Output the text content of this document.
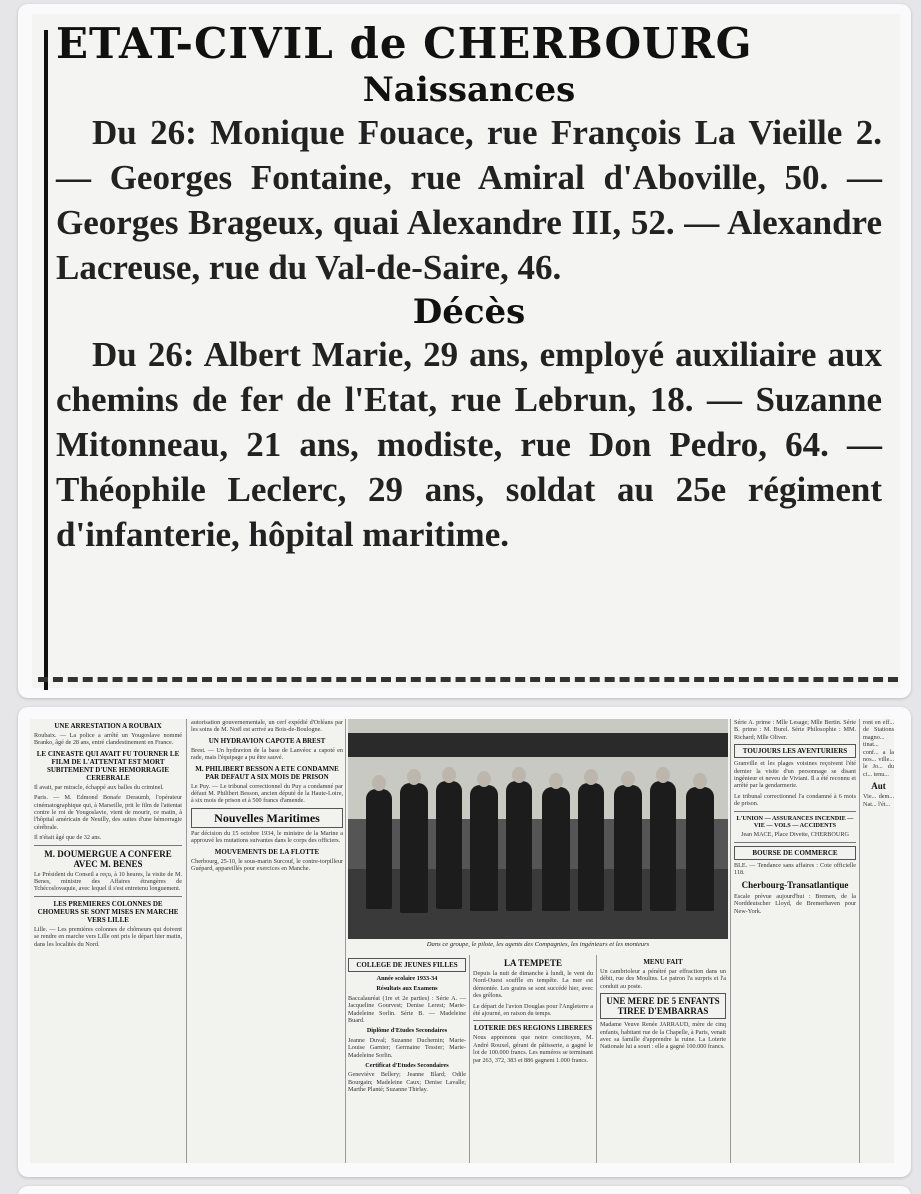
ETAT-CIVIL de CHERBOURG
Naissances
Du 26: Monique Fouace, rue François La Vieille 2. — Georges Fontaine, rue Amiral d'Aboville, 50. — Georges Brageux, quai Alexandre III, 52. — Alexandre Lacreuse, rue du Val-de-Saire, 46.
Décès
Du 26: Albert Marie, 29 ans, employé auxiliaire aux chemins de fer de l'Etat, rue Lebrun, 18. — Suzanne Mitonneau, 21 ans, modiste, rue Don Pedro, 64. — Théophile Leclerc, 29 ans, soldat au 25e régiment d'infanterie, hôpital maritime.
UNE ARRESTATION A ROUBAIX
Roubaix. — La police a arrêté un Yougoslave nommé Branko, âgé de 28 ans, entré clandestinement en France.
LE CINEASTE QUI AVAIT FU TOURNER LE FILM DE L'ATTENTAT EST MORT SUBITEMENT D'UNE HEMORRAGIE CEREBRALE
Il avait, par miracle, échappé aux balles du criminel.
Paris. — M. Edmond Bonafe Deraumb, l'opérateur cinématographique qui, à Marseille, prit le film de l'attentat contre le roi de Yougoslavie, vient de mourir, ce matin, à l'hôpital américain de Neuilly, des suites d'une hémorragie cérébrale.
Il n'était âgé que de 32 ans.
M. DOUMERGUE A CONFERE AVEC M. BENES
Le Président du Conseil a reçu, à 10 heures, la visite de M. Benes, ministre des Affaires étrangères de Tchécoslovaquie, avec lequel il s'est entretenu longuement.
LES PREMIERES COLONNES DE CHOMEURS SE SONT MISES EN MARCHE VERS LILLE
Lille. — Les premières colonnes de chômeurs qui doivent se rendre en marche vers Lille ont pris le départ hier matin, dans les localités du Nord.
autorisation gouvernementale, un cerf expédié d'Orléans par les soins de M. Noël est arrivé au Bois-de-Boulogne.
UN HYDRAVION CAPOTE A BREST
Brest. — Un hydravion de la base de Lanvéoc a capoté en rade, mais l'équipage a pu être sauvé.
M. PHILIBERT BESSON A ETE CONDAMNE PAR DEFAUT A SIX MOIS DE PRISON
Le Puy. — Le tribunal correctionnel du Puy a condamné par défaut M. Philibert Besson, ancien député de la Haute-Loire, à six mois de prison et à 500 francs d'amende.
Nouvelles Maritimes
Par décision du 15 octobre 1934, le ministre de la Marine a approuvé les mutations suivantes dans le corps des officiers.
MOUVEMENTS DE LA FLOTTE
Cherbourg, 25-10, le sous-marin Surcouf, le contre-torpilleur Guépard, appareillés pour exercices en Manche.
Dans ce groupe, le pilote, les agents des Compagnies, les ingénieurs et les monteurs
COLLEGE DE JEUNES FILLES
Année scolaire 1933-34
Résultats aux Examens
Baccalauréat (1re et 2e parties) : Série A. — Jacqueline Gourvest; Denise Lerest; Marie-Madeleine Sorlin. Série B. — Madeleine Buard.
Diplôme d'Etudes Secondaires
Jeanne Duval; Suzanne Duchemin; Marie-Louise Garnier; Germaine Tessier; Marie-Madeleine Sorlin.
Certificat d'Etudes Secondaires
Geneviève Bellery; Jeanne Blard; Odile Bourgain; Madeleine Caux; Denise Lavalle; Marthe Planté; Suzanne Thirlay.
LA TEMPETE
Depuis la nuit de dimanche à lundi, le vent du Nord-Ouest souffle en tempête. La mer est démontée. Les grains se sont succédé hier, avec des grêlons.
Le départ de l'avion Douglas pour l'Angleterre a été ajourné, en raison du temps.
LOTERIE DES REGIONS LIBEREES
Nous apprenons que notre concitoyen, M. André Rouxel, gérant de pâtisserie, a gagné le lot de 100.000 francs. Les numéros se terminant par 263, 372, 383 et 886 gagnent 1.000 francs.
MENU FAIT
Un cambrioleur a pénétré par effraction dans un débit, rue des Moulins. Le patron l'a surpris et l'a conduit au poste.
UNE MERE DE 5 ENFANTS TIREE D'EMBARRAS
Madame Veuve Renée JARRAUD, mère de cinq enfants, habitant rue de la Chapelle, à Paris, venait avec sa famille d'apprendre la ruine. La Loterie Nationale lui a souri : elle a gagné 100.000 francs.
Série A. prime : Mlle Lesage; Mlle Bertin. Série B. prime : M. Burel. Série Philosophie : MM. Richard; Mlle Oliver.
TOUJOURS LES AVENTURIERS
Granville et les plages voisines reçoivent l'été dernier la visite d'un personnage se disant ingénieur et neveu de Viviani. Il a été reconnu et arrêté par la gendarmerie.
Le tribunal correctionnel l'a condamné à 6 mois de prison.
L'UNION — ASSURANCES INCENDIE — VIE — VOLS — ACCIDENTS
Jean MACE, Place Divette, CHERBOURG
BOURSE DE COMMERCE
BLE. — Tendance sans affaires : Cote officielle 118.
Cherbourg-Transatlantique
Escale prévue aujourd'hui : Bremen, de la Norddeutscher Lloyd, de Bremerhaven pour New-York.
ront en eff... de Stations magno... tinat... conf... a la nos... ville... le Jo... du ci... tenu...
Aut
Vie... dem... Nat... l'ét...
